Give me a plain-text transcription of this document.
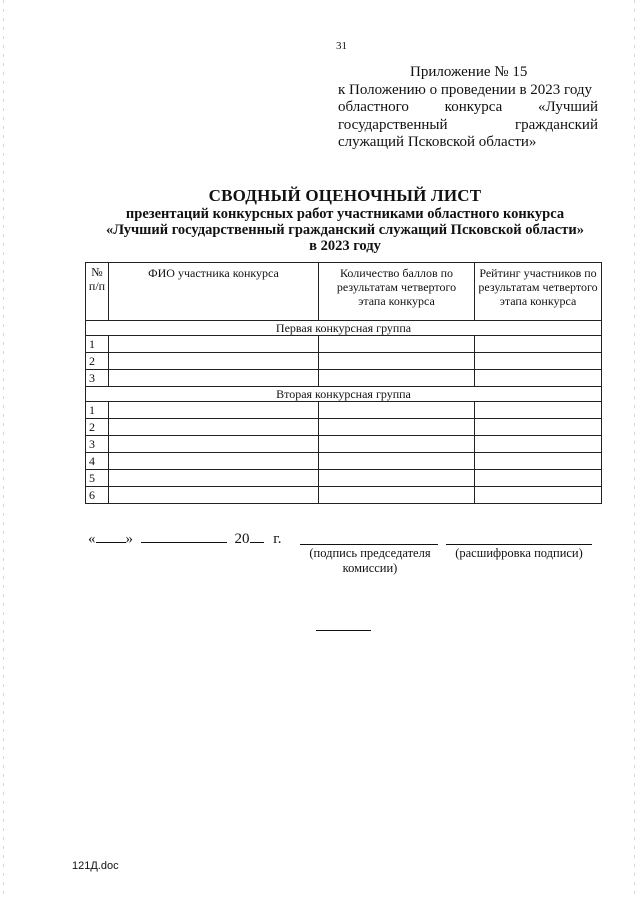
31
Приложение № 15
к Положению о проведении в 2023 году
областного конкурса «Лучший
государственный гражданский
служащий Псковской области»
СВОДНЫЙ ОЦЕНОЧНЫЙ ЛИСТ
презентаций конкурсных работ участниками областного конкурса
«Лучший государственный гражданский служащий Псковской области»
в 2023 году
№ п/п	ФИО участника конкурса	Количество баллов по результатам четвертого этапа конкурса	Рейтинг участников по результатам четвертого этапа конкурса
Первая конкурсная группа			
1			
2			
3			
Вторая конкурсная группа			
1			
2			
3			
4			
5			
6			
« »	20 г.
(подпись председателя комиссии)
(расшифровка подписи)
121Д.doc
